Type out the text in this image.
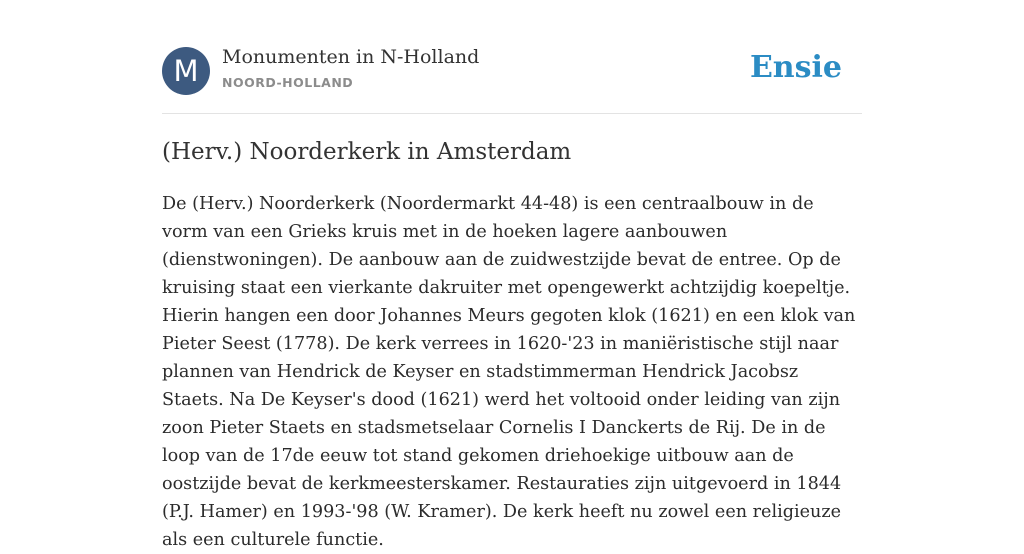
M	Monumenten in N-Holland
NOORD-HOLLAND	Ensie
(Herv.) Noorderkerk in Amsterdam

De (Herv.) Noorderkerk (Noordermarkt 44-48) is een centraalbouw in de vorm van een Grieks kruis met in de hoeken lagere aanbouwen (dienstwoningen). De aanbouw aan de zuidwestzijde bevat de entree. Op de kruising staat een vierkante dakruiter met opengewerkt achtzijdig koepeltje. Hierin hangen een door Johannes Meurs gegoten klok (1621) en een klok van Pieter Seest (1778). De kerk verrees in 1620-'23 in maniëristische stijl naar plannen van Hendrick de Keyser en stadstimmerman Hendrick Jacobsz Staets. Na De Keyser's dood (1621) werd het voltooid onder leiding van zijn zoon Pieter Staets en stadsmetselaar Cornelis I Danckerts de Rij. De in de loop van de 17de eeuw tot stand gekomen driehoekige uitbouw aan de oostzijde bevat de kerkmeesterskamer. Restauraties zijn uitgevoerd in 1844 (P.J. Hamer) en 1993-'98 (W. Kramer). De kerk heeft nu zowel een religieuze als een culturele functie.
